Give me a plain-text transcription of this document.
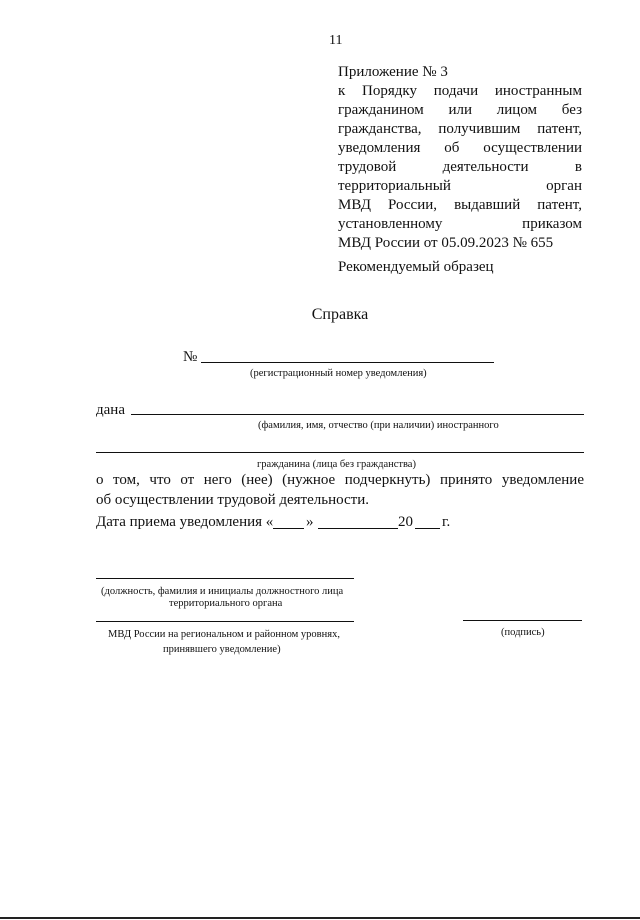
11
Приложение № 3
к Порядку подачи иностранным
гражданином или лицом без
гражданства, получившим патент,
уведомления об осуществлении
трудовой деятельности в
территориальный орган
МВД России, выдавший патент,
установленному приказом
МВД России от 05.09.2023 № 655
Рекомендуемый образец
Справка
№
(регистрационный номер уведомления)
дана
(фамилия, имя, отчество (при наличии) иностранного
гражданина (лица без гражданства)
о том, что от него (нее) (нужное подчеркнуть) принято уведомление
об осуществлении трудовой деятельности.
Дата приема уведомления « »	20 г.
(должность, фамилия и инициалы должностного лица
территориального органа
МВД России на региональном и районном уровнях,
принявшего уведомление)
(подпись)
